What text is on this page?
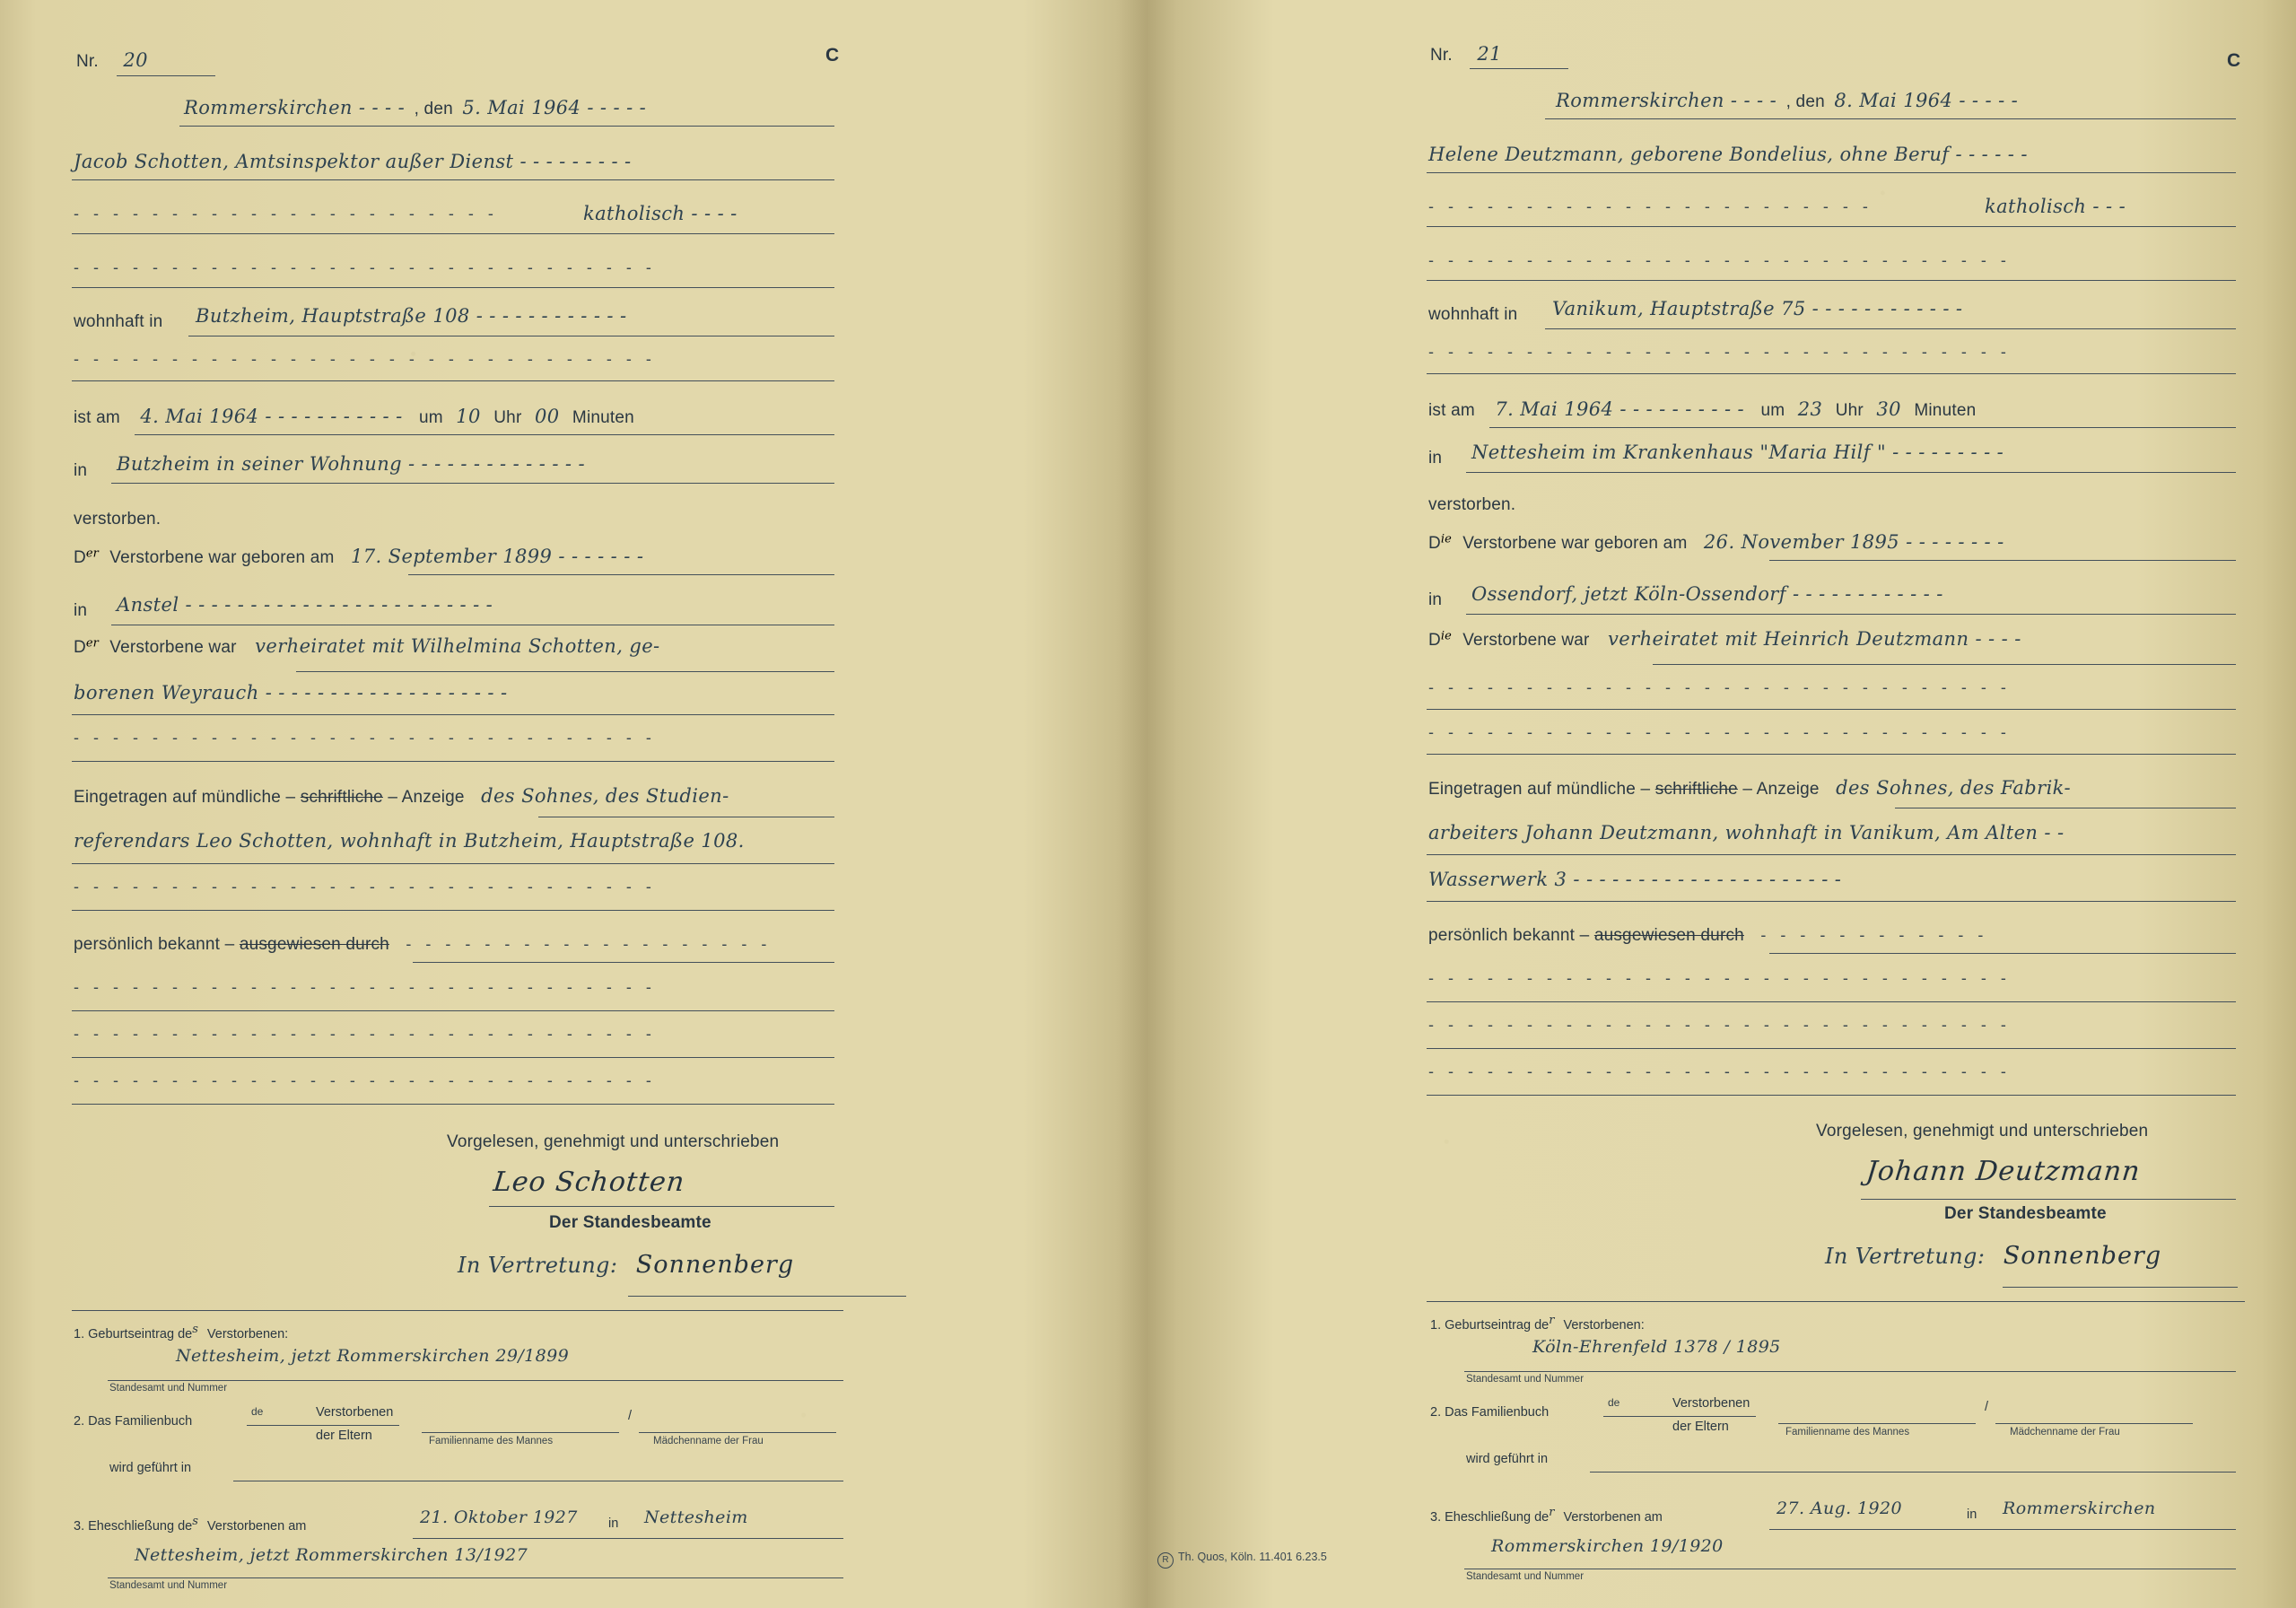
Nr. 20	C
Rommerskirchen - - - - , den 5. Mai 1964 - - - - -
Jacob Schotten, Amtsinspektor außer Dienst - - - - - - - - -
- - - - - - - - - - - - - - - - - - - - - -	katholisch - - - -
- - - - - - - - - - - - - - - - - - - - - - - - - - - - - -
wohnhaft in Butzheim, Hauptstraße 108 - - - - - - - - - - - -
- - - - - - - - - - - - - - - - - - - - - - - - - - - - - -
ist am 4. Mai 1964 - - - - - - - - - - - um 10 Uhr 00 Minuten
in Butzheim in seiner Wohnung - - - - - - - - - - - - - -
verstorben.
Der Verstorbene war geboren am 17. September 1899 - - - - - - -
in Anstel - - - - - - - - - - - - - - - - - - - - - - - -
Der Verstorbene war verheiratet mit Wilhelmina Schotten, ge-
borenen Weyrauch - - - - - - - - - - - - - - - - - - -
- - - - - - - - - - - - - - - - - - - - - - - - - - - - - -
Eingetragen auf mündliche – schriftliche – Anzeige des Sohnes, des Studien-
referendars Leo Schotten, wohnhaft in Butzheim, Hauptstraße 108.
- - - - - - - - - - - - - - - - - - - - - - - - - - - - - -
persönlich bekannt – ausgewiesen durch - - - - - - - - - - - - - - - - - - -
- - - - - - - - - - - - - - - - - - - - - - - - - - - - - -
- - - - - - - - - - - - - - - - - - - - - - - - - - - - - -
- - - - - - - - - - - - - - - - - - - - - - - - - - - - - -
Vorgelesen, genehmigt und unterschrieben
Leo Schotten
Der Standesbeamte
In Vertretung: Sonnenberg
1. Geburtseintrag des Verstorbenen:
Nettesheim, jetzt Rommerskirchen 29/1899
Standesamt und Nummer
2. Das Familienbuch
de	Verstorbenen
der Eltern	Familienname des Mannes
/
Mädchenname der Frau
wird geführt in
3. Eheschließung des Verstorbenen am	21. Oktober 1927 in Nettesheim
Nettesheim, jetzt Rommerskirchen 13/1927
Standesamt und Nummer
Nr. 21	C
Rommerskirchen - - - - , den 8. Mai 1964 - - - - -
Helene Deutzmann, geborene Bondelius, ohne Beruf - - - - - -
- - - - - - - - - - - - - - - - - - - - - - -	katholisch - - -
- - - - - - - - - - - - - - - - - - - - - - - - - - - - - -
wohnhaft in Vanikum, Hauptstraße 75 - - - - - - - - - - - -
- - - - - - - - - - - - - - - - - - - - - - - - - - - - - -
ist am 7. Mai 1964 - - - - - - - - - - um 23 Uhr 30 Minuten
in Nettesheim im Krankenhaus "Maria Hilf " - - - - - - - - -
verstorben.
$D^{ie}$ Verstorbene war geboren am 26. November 1895 - - - - - - - -
in Ossendorf, jetzt Köln-Ossendorf - - - - - - - - - - - -
$D^{ie}$ Verstorbene war verheiratet mit Heinrich Deutzmann - - - -
- - - - - - - - - - - - - - - - - - - - - - - - - - - - - -
- - - - - - - - - - - - - - - - - - - - - - - - - - - - - -
Eingetragen auf mündliche – schriftliche – Anzeige des Sohnes, des Fabrik-
arbeiters Johann Deutzmann, wohnhaft in Vanikum, Am Alten - -
Wasserwerk 3 - - - - - - - - - - - - - - - - - - - - -
persönlich bekannt – ausgewiesen durch - - - - - - - - - - - -
- - - - - - - - - - - - - - - - - - - - - - - - - - - - - -
- - - - - - - - - - - - - - - - - - - - - - - - - - - - - -
- - - - - - - - - - - - - - - - - - - - - - - - - - - - - -
Vorgelesen, genehmigt und unterschrieben
Johann Deutzmann
Der Standesbeamte
In Vertretung: Sonnenberg
1. Geburtseintrag der Verstorbenen:
Köln-Ehrenfeld 1378 / 1895
Standesamt und Nummer
2. Das Familienbuch
de	Verstorbenen
der Eltern	Familienname des Mannes
/
Mädchenname der Frau
wird geführt in
3. Eheschließung der Verstorbenen am	27. Aug. 1920	in Rommerskirchen
Rommerskirchen 19/1920
Standesamt und Nummer
R Th. Quos, Köln. 11.401 6.23.5
